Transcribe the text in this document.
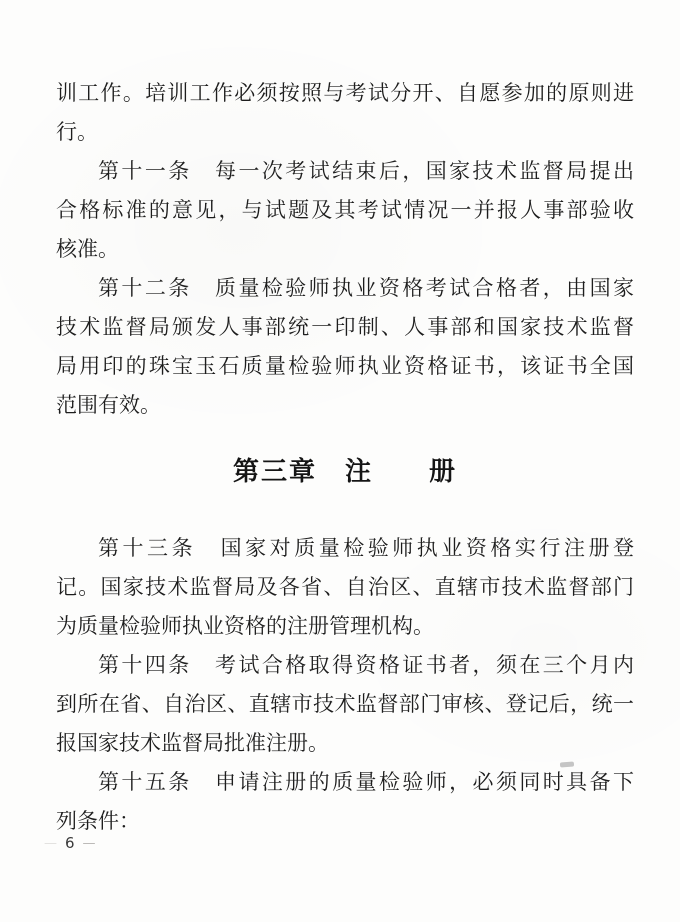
训工作。培训工作必须按照与考试分开、自愿参加的原则进
行。
第十一条　每一次考试结束后，国家技术监督局提出
合格标准的意见，与试题及其考试情况一并报人事部验收
核准。
第十二条　质量检验师执业资格考试合格者，由国家
技术监督局颁发人事部统一印制、人事部和国家技术监督
局用印的珠宝玉石质量检验师执业资格证书，该证书全国
范围有效。
第三章　注　　册
第十三条　国家对质量检验师执业资格实行注册登
记。国家技术监督局及各省、自治区、直辖市技术监督部门
为质量检验师执业资格的注册管理机构。
第十四条　考试合格取得资格证书者，须在三个月内
到所在省、自治区、直辖市技术监督部门审核、登记后，统一
报国家技术监督局批准注册。
第十五条　申请注册的质量检验师，必须同时具备下
列条件：
— 6 —
